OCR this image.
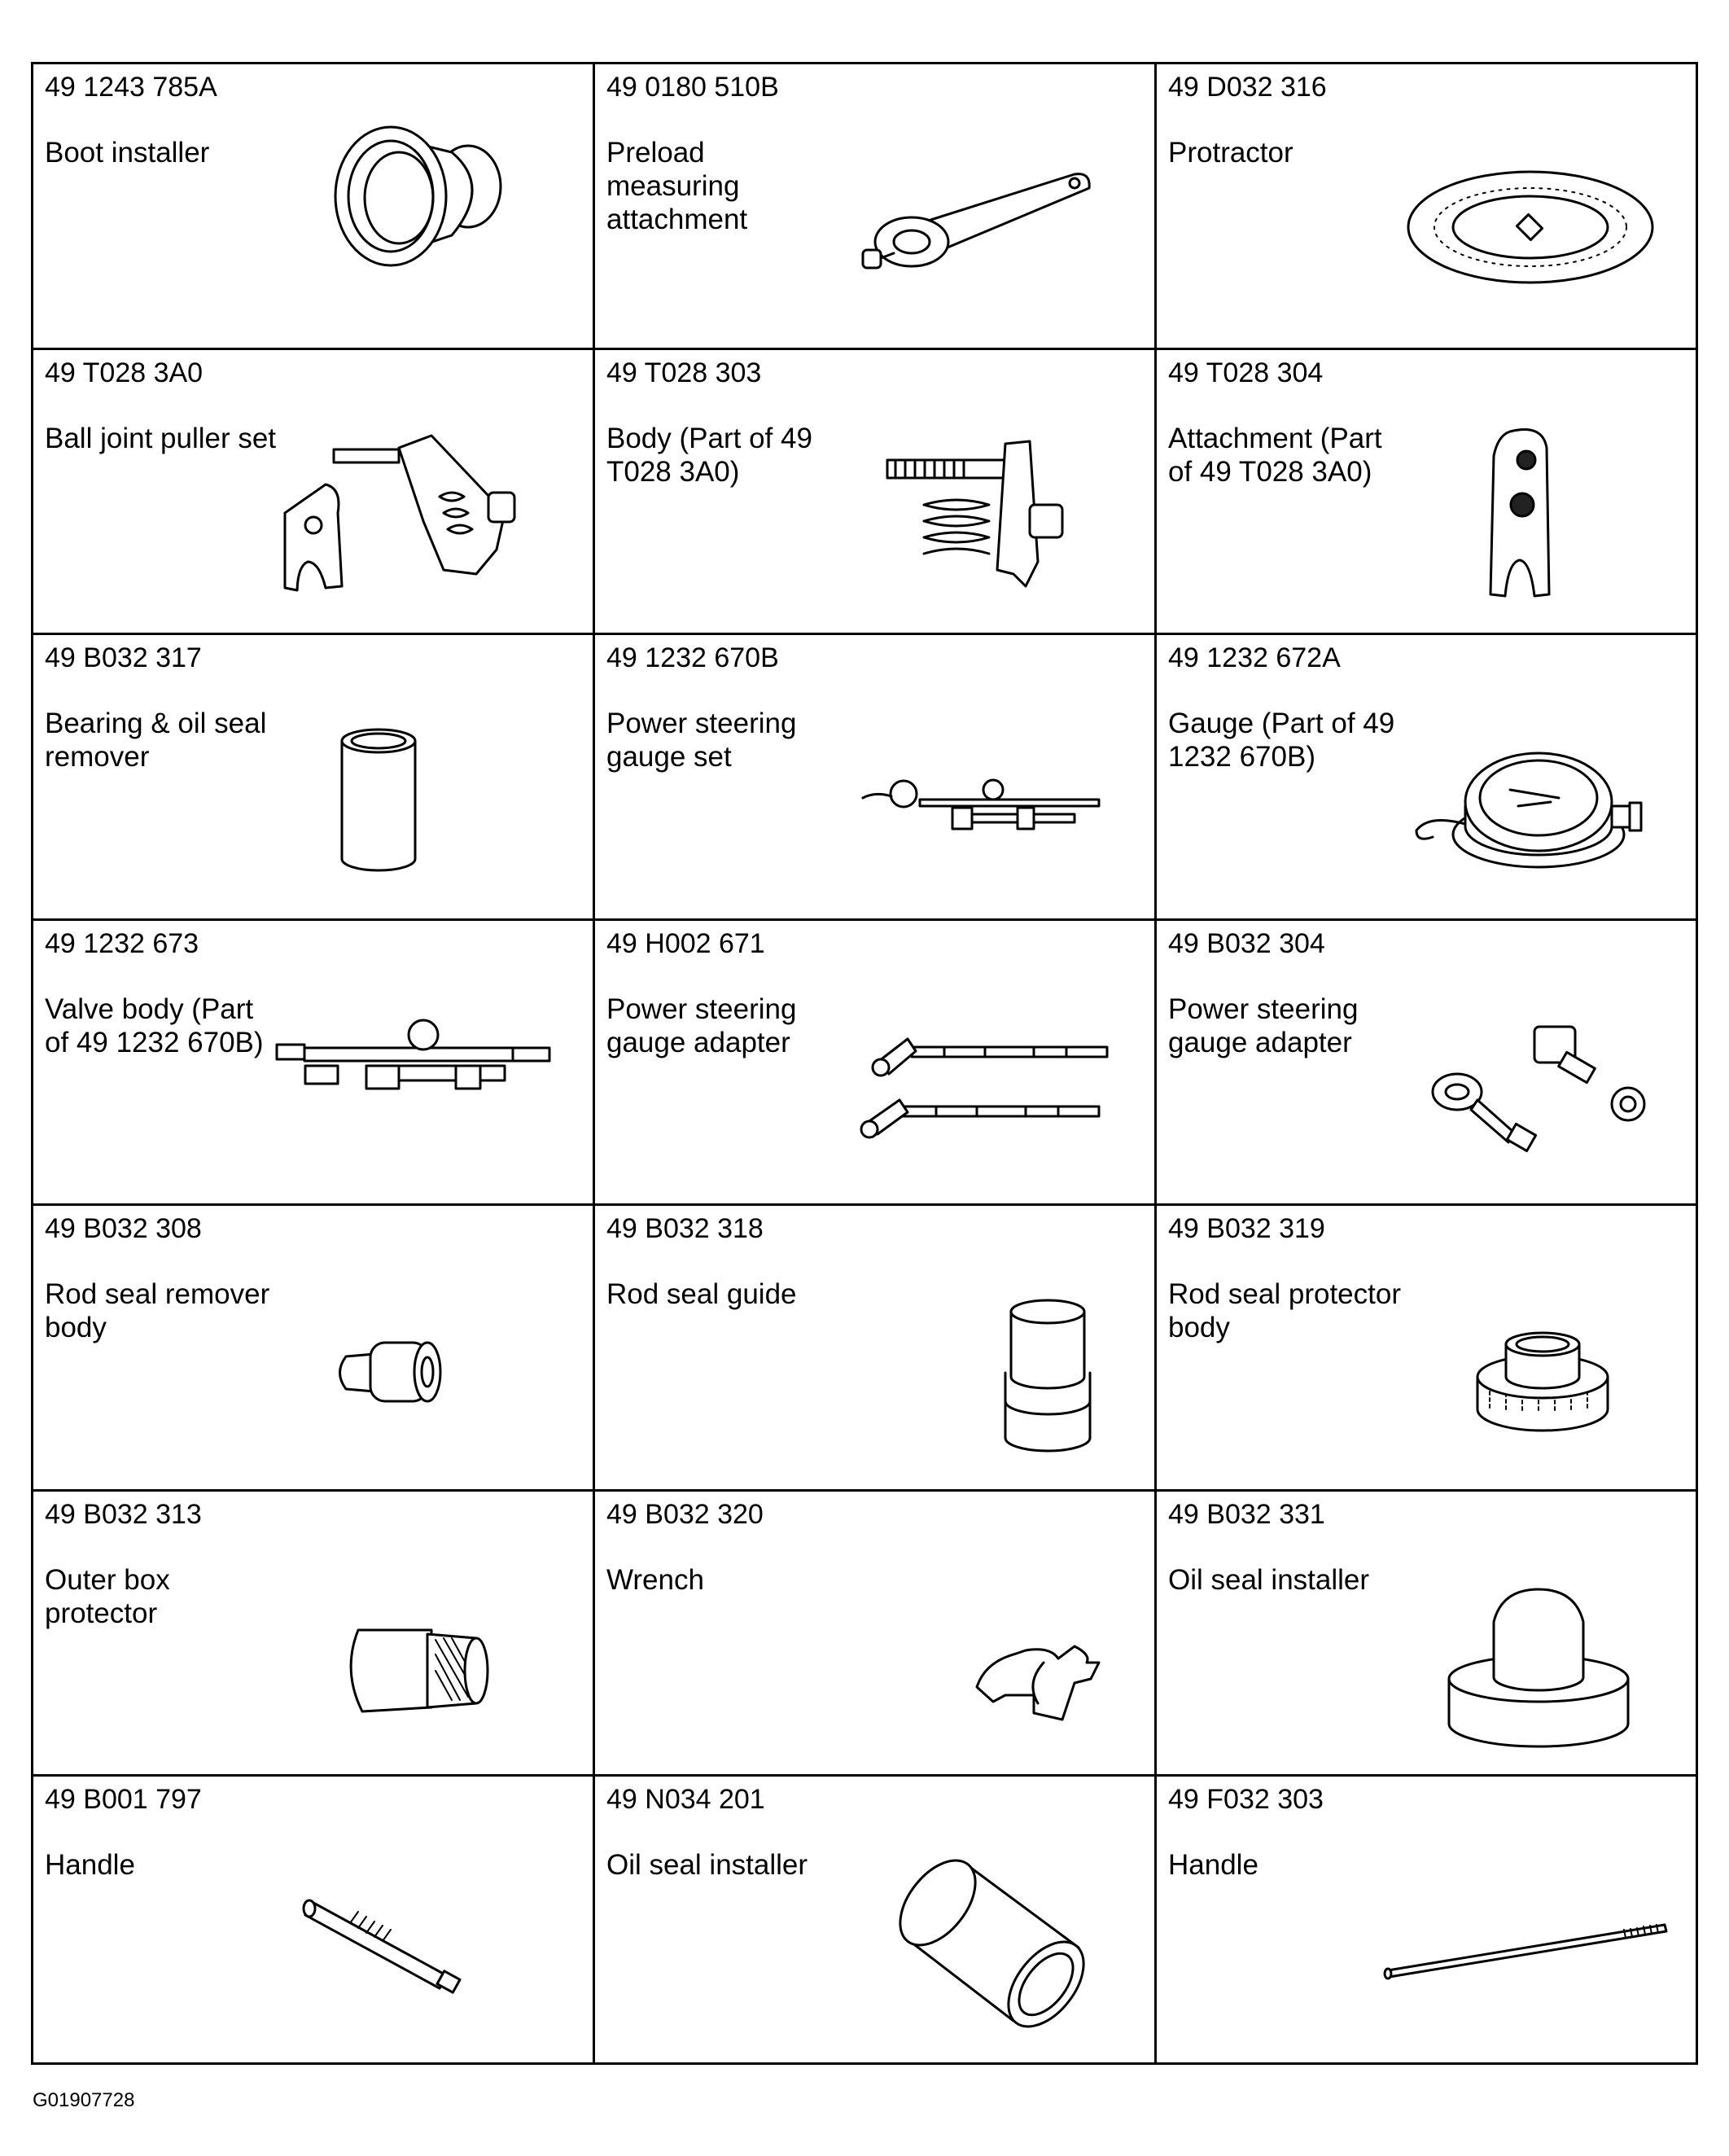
49 1243 785A
Boot installer
49 0180 510B
Preload measuring attachment
49 D032 316
Protractor
49 T028 3A0
Ball joint puller set
49 T028 303
Body (Part of 49 T028 3A0)
49 T028 304
Attachment (Part of 49 T028 3A0)
49 B032 317
Bearing & oil seal remover
49 1232 670B
Power steering gauge set
49 1232 672A
Gauge (Part of 49 1232 670B)
49 1232 673
Valve body (Part of 49 1232 670B)
49 H002 671
Power steering gauge adapter
49 B032 304
Power steering gauge adapter
49 B032 308
Rod seal remover body
49 B032 318
Rod seal guide
49 B032 319
Rod seal protector body
49 B032 313
Outer box protector
49 B032 320
Wrench
49 B032 331
Oil seal installer
49 B001 797
Handle
49 N034 201
Oil seal installer
49 F032 303
Handle
G01907728
